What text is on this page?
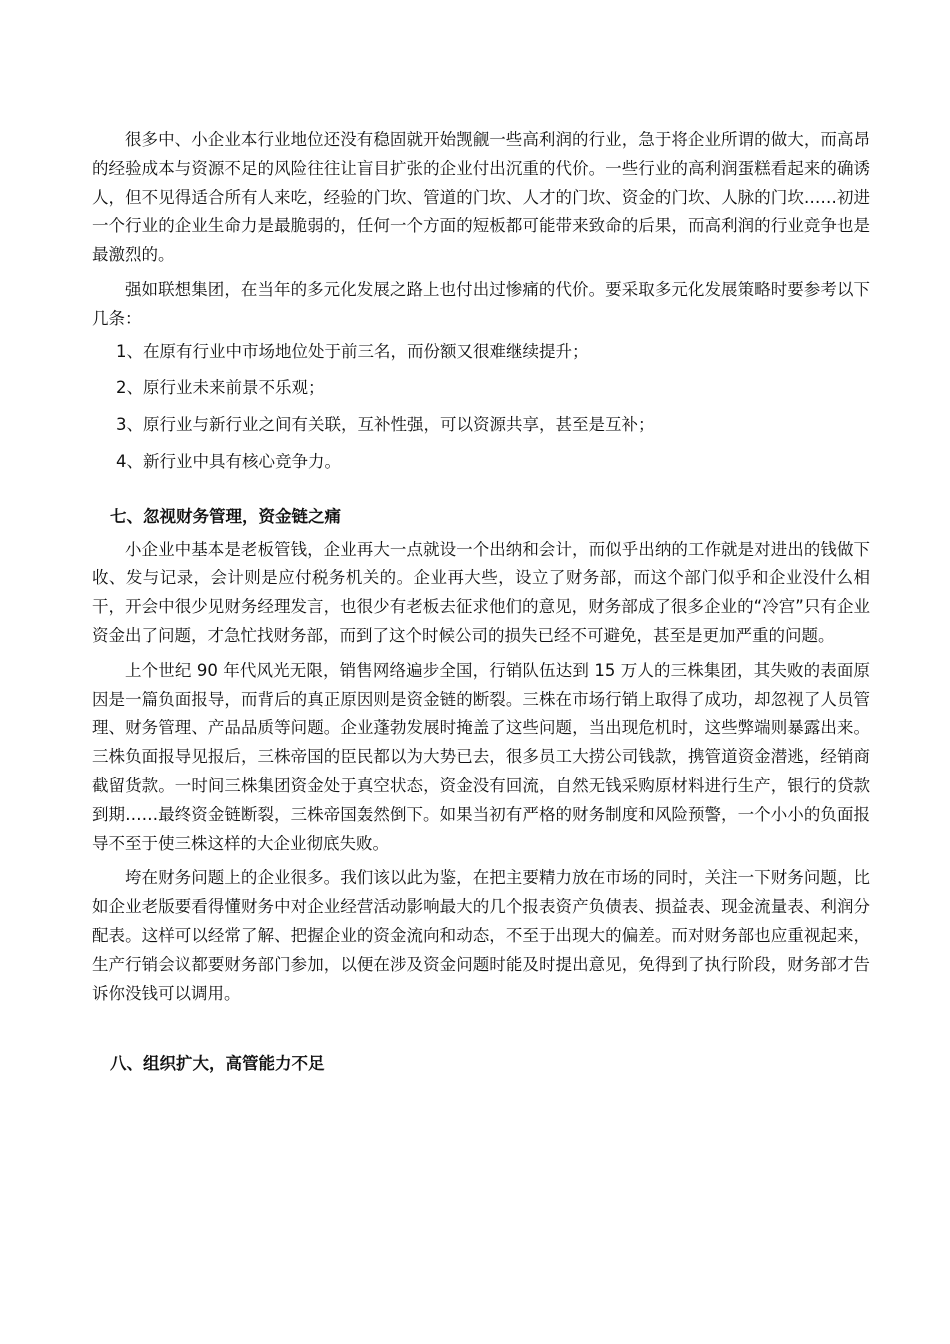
很多中、小企业本行业地位还没有稳固就开始觊觎一些高利润的行业，急于将企业所谓的做大，而高昂的经验成本与资源不足的风险往往让盲目扩张的企业付出沉重的代价。一些行业的高利润蛋糕看起来的确诱人，但不见得适合所有人来吃，经验的门坎、管道的门坎、人才的门坎、资金的门坎、人脉的门坎……初进一个行业的企业生命力是最脆弱的，任何一个方面的短板都可能带来致命的后果，而高利润的行业竞争也是最激烈的。

强如联想集团，在当年的多元化发展之路上也付出过惨痛的代价。要采取多元化发展策略时要参考以下几条：

1、在原有行业中市场地位处于前三名，而份额又很难继续提升；
2、原行业未来前景不乐观；
3、原行业与新行业之间有关联，互补性强，可以资源共享，甚至是互补；
4、新行业中具有核心竞争力。
七、忽视财务管理，资金链之痛

小企业中基本是老板管钱，企业再大一点就设一个出纳和会计，而似乎出纳的工作就是对进出的钱做下收、发与记录，会计则是应付税务机关的。企业再大些，设立了财务部，而这个部门似乎和企业没什么相干，开会中很少见财务经理发言，也很少有老板去征求他们的意见，财务部成了很多企业的“冷宫”只有企业资金出了问题，才急忙找财务部，而到了这个时候公司的损失已经不可避免，甚至是更加严重的问题。

上个世纪 90 年代风光无限，销售网络遍步全国，行销队伍达到 15 万人的三株集团，其失败的表面原因是一篇负面报导，而背后的真正原因则是资金链的断裂。三株在市场行销上取得了成功，却忽视了人员管理、财务管理、产品品质等问题。企业蓬勃发展时掩盖了这些问题，当出现危机时，这些弊端则暴露出来。三株负面报导见报后，三株帝国的臣民都以为大势已去，很多员工大捞公司钱款，携管道资金潜逃，经销商截留货款。一时间三株集团资金处于真空状态，资金没有回流，自然无钱采购原材料进行生产，银行的贷款到期……最终资金链断裂，三株帝国轰然倒下。如果当初有严格的财务制度和风险预警，一个小小的负面报导不至于使三株这样的大企业彻底失败。

垮在财务问题上的企业很多。我们该以此为鉴，在把主要精力放在市场的同时，关注一下财务问题，比如企业老版要看得懂财务中对企业经营活动影响最大的几个报表资产负债表、损益表、现金流量表、利润分配表。这样可以经常了解、把握企业的资金流向和动态，不至于出现大的偏差。而对财务部也应重视起来，生产行销会议都要财务部门参加，以便在涉及资金问题时能及时提出意见，免得到了执行阶段，财务部才告诉你没钱可以调用。

八、组织扩大，高管能力不足
